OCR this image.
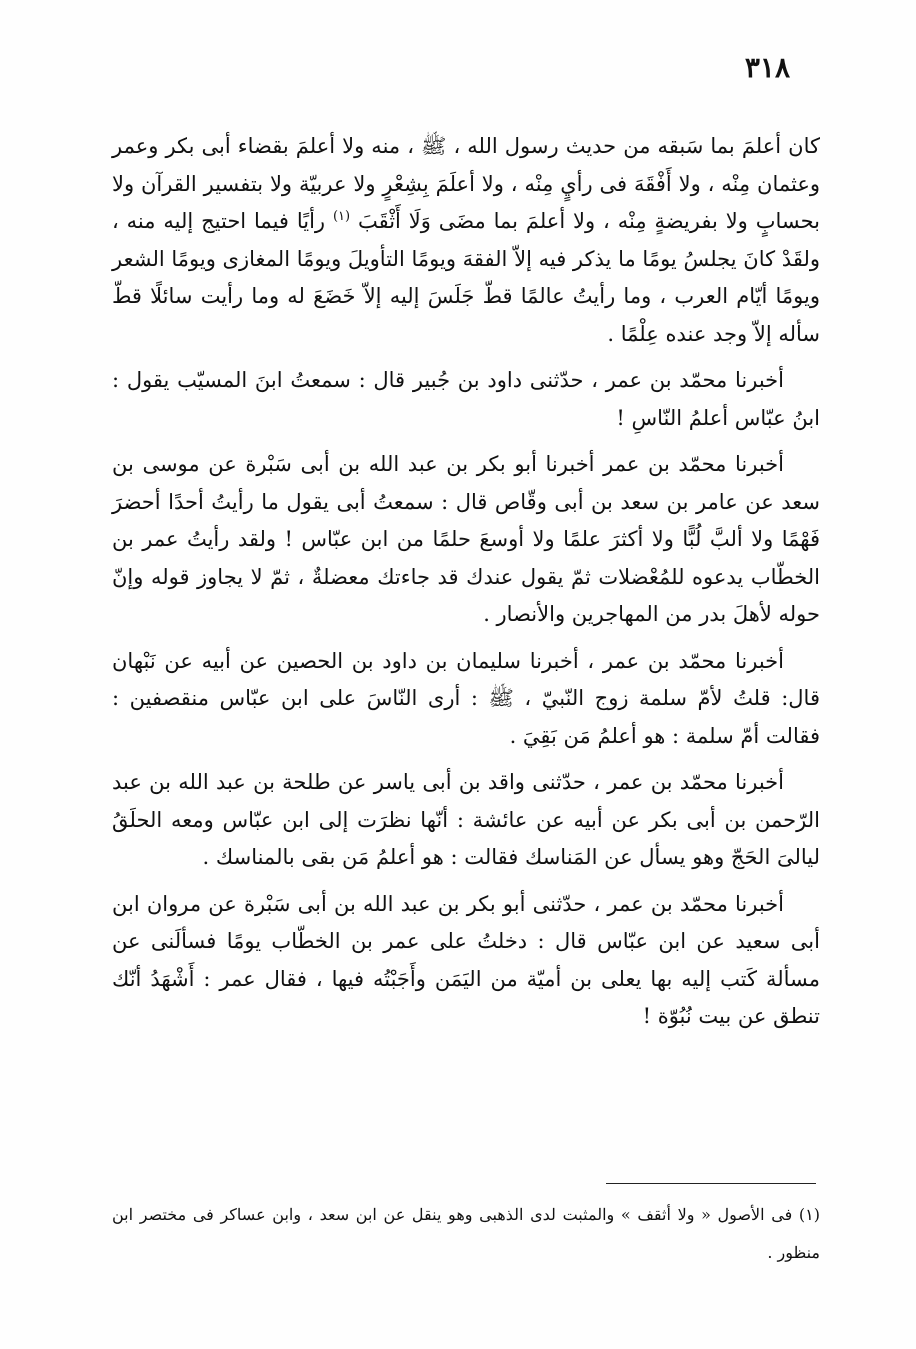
٣١٨

كان أعلمَ بما سَبقه من حديث رسول الله ، ﷺ ، منه ولا أعلمَ بقضاء أبى بكر وعمر وعثمان مِنْه ، ولا أَفْقَهَ فى رأيٍ مِنْه ، ولا أعلَمَ بِشِعْرٍ ولا عربيّة ولا بتفسير القرآن ولا بحسابٍ ولا بفريضةٍ مِنْه ، ولا أعلمَ بما مضَى وَلَا أَثْقَبَ $^{(١)}$ رأيًا فيما احتيج إليه منه ، ولقَدْ كانَ يجلسُ يومًا ما يذكر فيه إلاّ الفقهَ ويومًا التأويلَ ويومًا المغازى ويومًا الشعر ويومًا أيّام العرب ، وما رأيتُ عالمًا قطّ جَلَسَ إليه إلاّ خَضَعَ له وما رأيت سائلًا قطّ سأله إلاّ وجد عنده عِلْمًا .

أخبرنا محمّد بن عمر ، حدّثنى داود بن جُبير قال : سمعتُ ابنَ المسيّب يقول : ابنُ عبّاس أعلمُ النّاسِ !

أخبرنا محمّد بن عمر أخبرنا أبو بكر بن عبد الله بن أبى سَبْرة عن موسى بن سعد عن عامر بن سعد بن أبى وقّاص قال : سمعتُ أبى يقول ما رأيتُ أحدًا أحضرَ فَهْمًا ولا ألبَّ لُبًّا ولا أكثرَ علمًا ولا أوسعَ حلمًا من ابن عبّاس ! ولقد رأيتُ عمر بن الخطّاب يدعوه للمُعْضلات ثمّ يقول عندك قد جاءتك معضلةٌ ، ثمّ لا يجاوز قوله وإنّ حوله لأهلَ بدر من المهاجرين والأنصار .

أخبرنا محمّد بن عمر ، أخبرنا سليمان بن داود بن الحصين عن أبيه عن نَبْهان قال: قلتُ لأمّ سلمة زوج النّبيّ ، ﷺ : أرى النّاسَ على ابن عبّاس منقصفين : فقالت أمّ سلمة : هو أعلمُ مَن بَقِيَ .

أخبرنا محمّد بن عمر ، حدّثنى واقد بن أبى ياسر عن طلحة بن عبد الله بن عبد الرّحمن بن أبى بكر عن أبيه عن عائشة : أنّها نظرَت إلى ابن عبّاس ومعه الحلَقُ ليالىَ الحَجّ وهو يسأل عن المَناسك فقالت : هو أعلمُ مَن بقى بالمناسك .

أخبرنا محمّد بن عمر ، حدّثنى أبو بكر بن عبد الله بن أبى سَبْرة عن مروان ابن أبى سعيد عن ابن عبّاس قال : دخلتُ على عمر بن الخطّاب يومًا فسألَنى عن مسألة كَتب إليه بها يعلى بن أميّة من اليَمَن وأَجَبْتُه فيها ، فقال عمر : أَشْهَدُ أنّك تنطق عن بيت نُبُوّة !

(١) فى الأصول « ولا أثقف » والمثبت لدى الذهبى وهو ينقل عن ابن سعد ، وابن عساكر فى مختصر ابن منظور .
